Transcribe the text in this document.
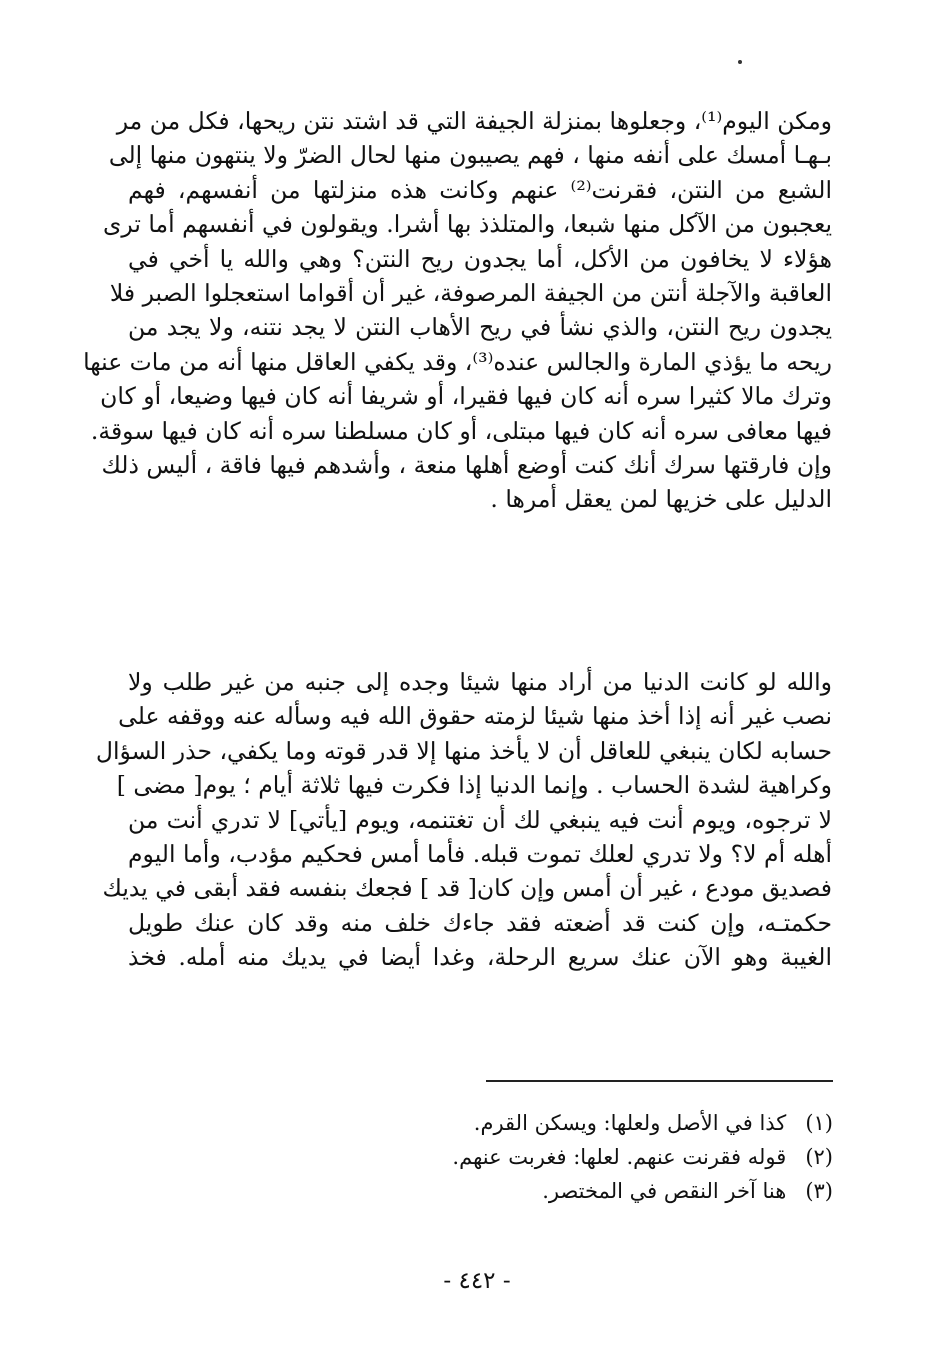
ومكن اليوم⁽¹⁾، وجعلوها بمنزلة الجيفة التي قد اشتد نتن ريحها، فكل من مر
بـهـا أمسك على أنفه منها ، فهم يصيبون منها لحال الضرّ ولا ينتهون منها إلى
الشبع من النتن، فقرنت⁽²⁾ عنهم وكانت هذه منزلتها من أنفسهم، فهم
يعجبون من الآكل منها شبعا، والمتلذذ بها أشرا. ويقولون في أنفسهم أما ترى
هؤلاء لا يخافون من الأكل، أما يجدون ريح النتن؟ وهي والله يا أخي في
العاقبة والآجلة أنتن من الجيفة المرصوفة، غير أن أقواما استعجلوا الصبر فلا
يجدون ريح النتن، والذي نشأ في ريح الأهاب النتن لا يجد نتنه، ولا يجد من
ريحه ما يؤذي المارة والجالس عنده⁽³⁾، وقد يكفي العاقل منها أنه من مات عنها
وترك مالا كثيرا سره أنه كان فيها فقيرا، أو شريفا أنه كان فيها وضيعا، أو كان
فيها معافى سره أنه كان فيها مبتلى، أو كان مسلطنا سره أنه كان فيها سوقة.
وإن فارقتها سرك أنك كنت أوضع أهلها منعة ، وأشدهم فيها فاقة ، أليس ذلك
الدليل على خزيها لمن يعقل أمرها .
والله لو كانت الدنيا من أراد منها شيئا وجده إلى جنبه من غير طلب ولا
نصب غير أنه إذا أخذ منها شيئا لزمته حقوق الله فيه وسأله عنه ووقفه على
حسابه لكان ينبغي للعاقل أن لا يأخذ منها إلا قدر قوته وما يكفي، حذر السؤال
وكراهية لشدة الحساب . وإنما الدنيا إذا فكرت فيها ثلاثة أيام ؛ يوم[ مضى ]
لا ترجوه، ويوم أنت فيه ينبغي لك أن تغتنمه، ويوم [يأتي] لا تدري أنت من
أهله أم لا؟ ولا تدري لعلك تموت قبله. فأما أمس فحكيم مؤدب، وأما اليوم
فصديق مودع ، غير أن أمس وإن كان[ قد ] فجعك بنفسه فقد أبقى في يديك
حكمتـه، وإن كنت قد أضعته فقد جاءك خلف منه وقد كان عنك طويل
الغيبة وهو الآن عنك سريع الرحلة، وغدا أيضا في يديك منه أمله. فخذ
(١) كذا في الأصل ولعلها: ويسكن القرم.
(٢) قوله فقرنت عنهم. لعلها: فغربت عنهم.
(٣) هنا آخر النقص في المختصر.
- ٤٤٢ -
